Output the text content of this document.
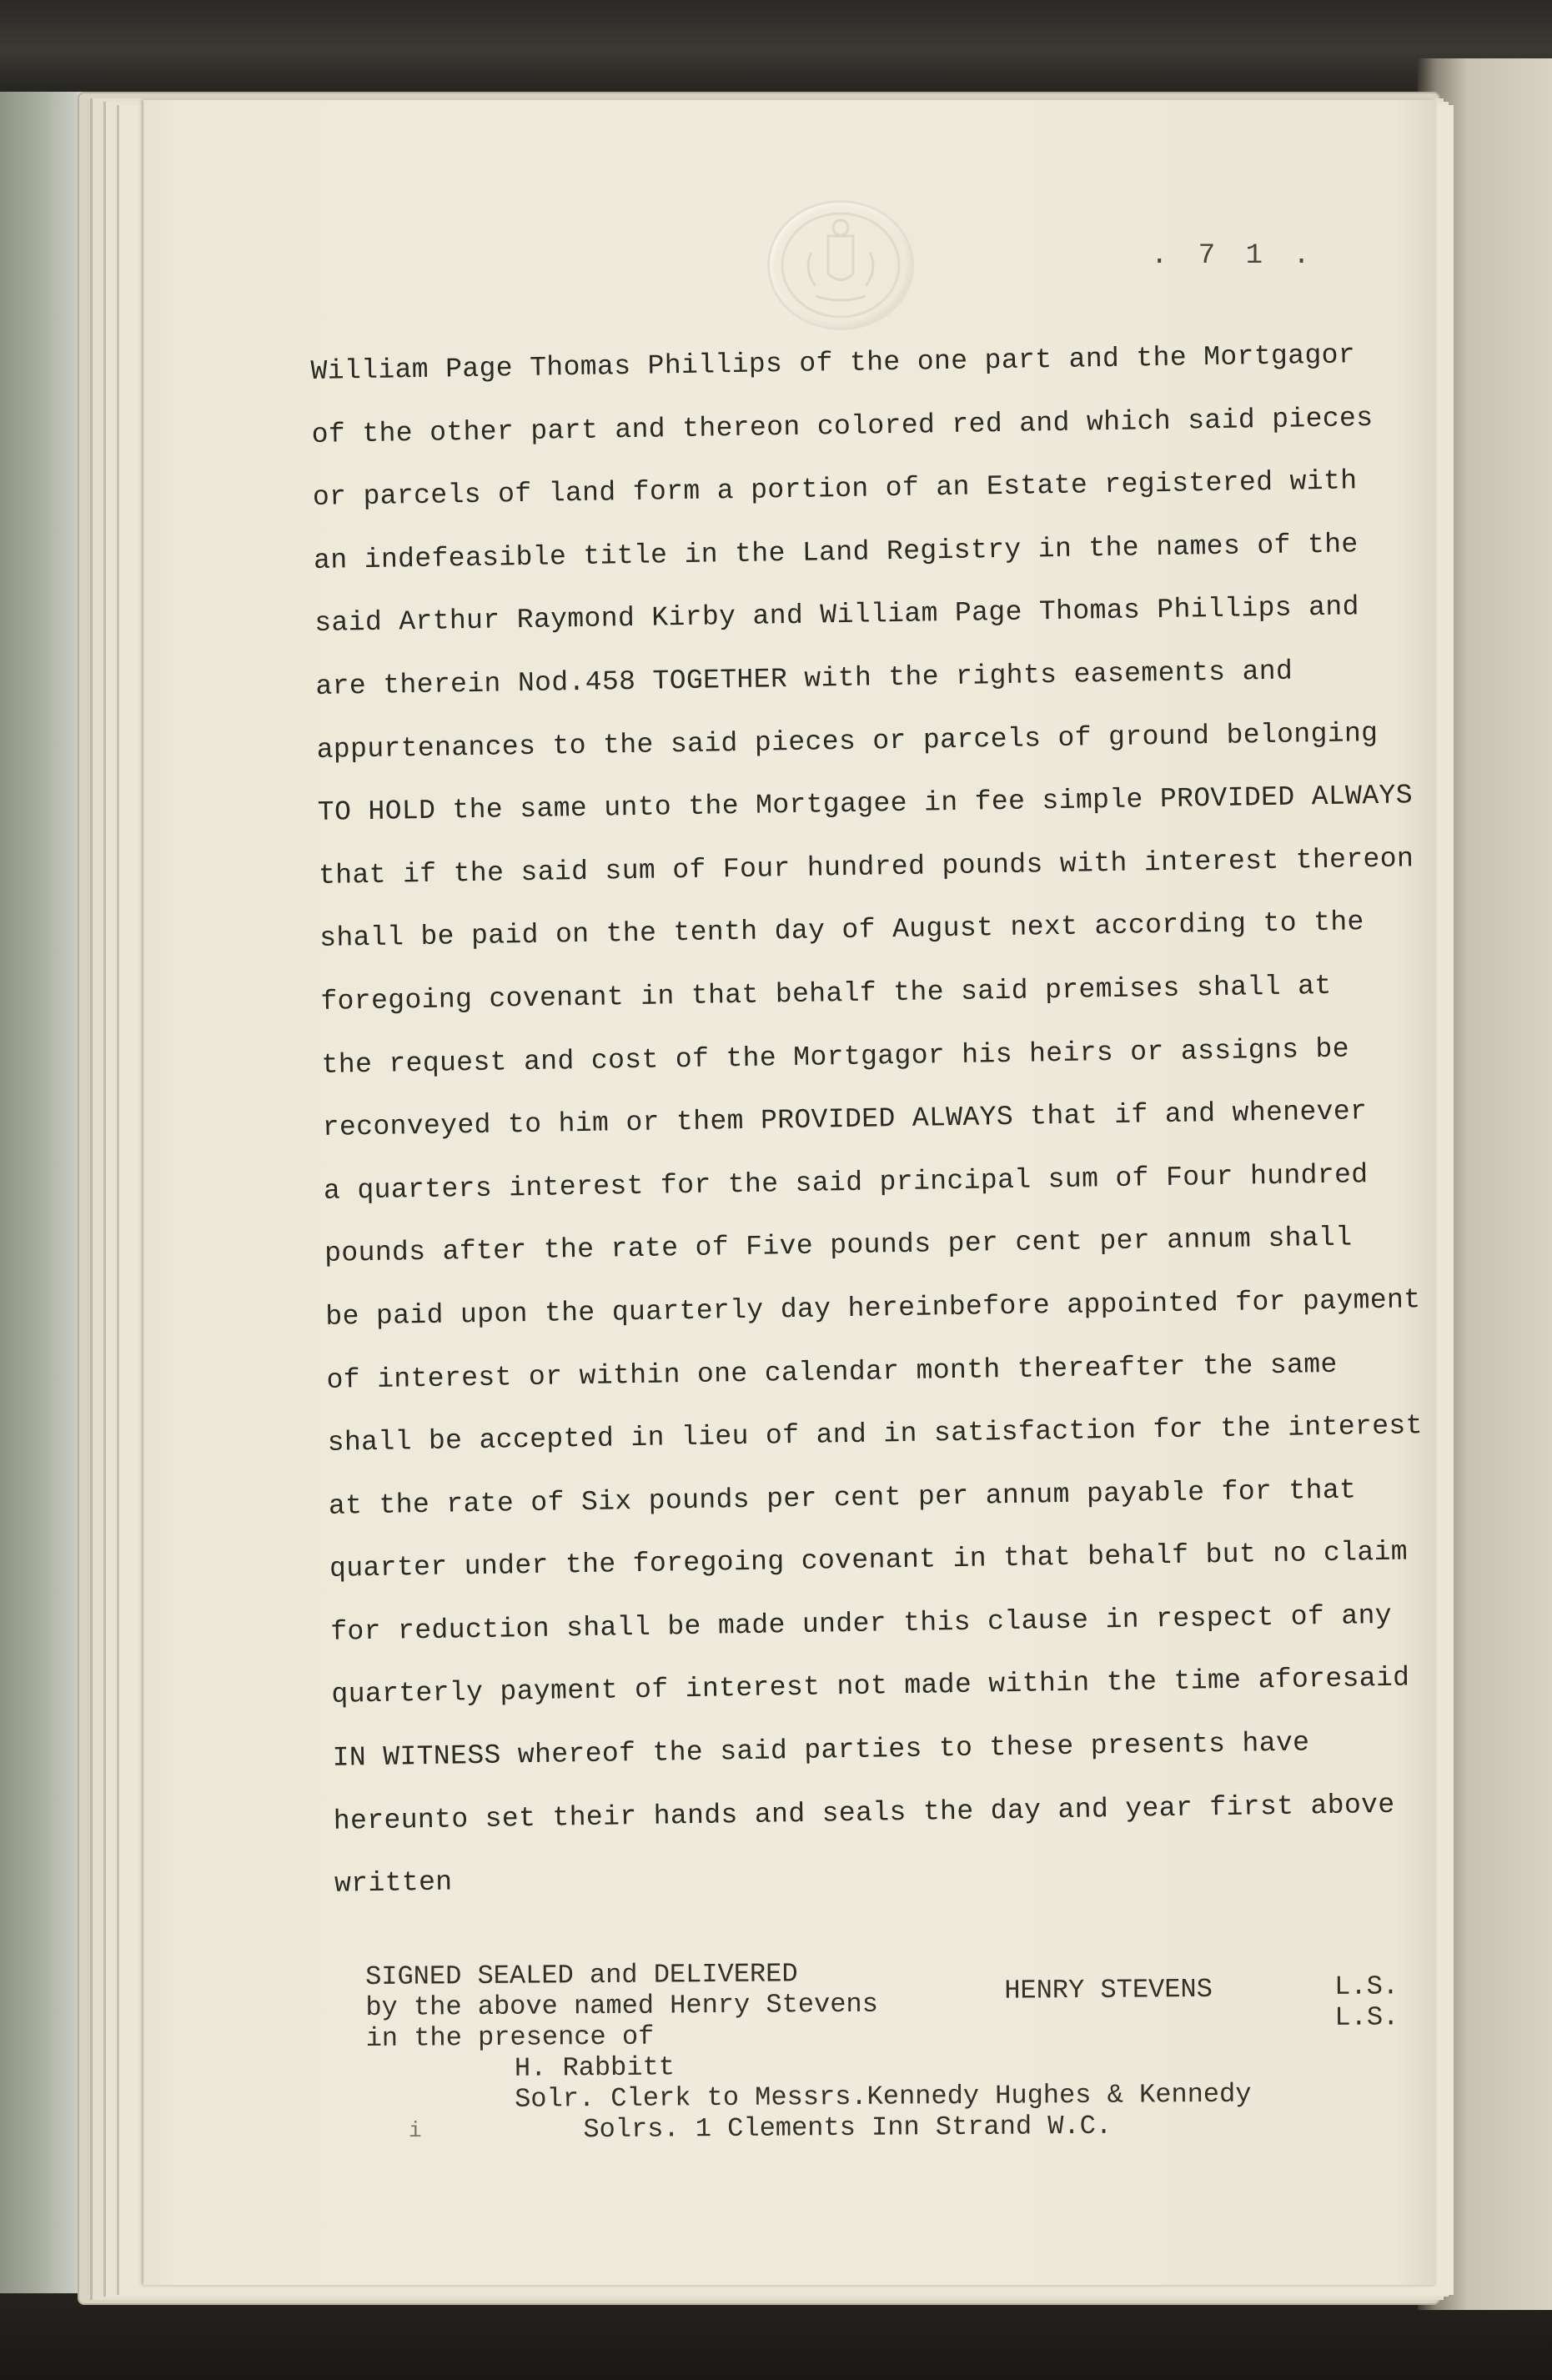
. 7 1 .
William Page Thomas Phillips of the one part and the Mortgagor
of the other part and thereon colored red and which said pieces
or parcels of land form a portion of an Estate registered with
an indefeasible title in the Land Registry in the names of the
said Arthur Raymond Kirby and William Page Thomas Phillips and
are therein Nod.458 TOGETHER with the rights easements and
appurtenances to the said pieces or parcels of ground belonging
TO HOLD the same unto the Mortgagee in fee simple PROVIDED ALWAYS
that if the said sum of Four hundred pounds with interest thereon
shall be paid on the tenth day of August next according to the
foregoing covenant in that behalf the said premises shall at
the request and cost of the Mortgagor his heirs or assigns be
reconveyed to him or them PROVIDED ALWAYS that if and whenever
a quarters interest for the said principal sum of Four hundred
pounds after the rate of Five pounds per cent per annum shall
be paid upon the quarterly day hereinbefore appointed for payment
of interest or within one calendar month thereafter the same
shall be accepted in lieu of and in satisfaction for the interest
at the rate of Six pounds per cent per annum payable for that
quarter under the foregoing covenant in that behalf but no claim
for reduction shall be made under this clause in respect of any
quarterly payment of interest not made within the time aforesaid
IN WITNESS whereof the said parties to these presents have
hereunto set their hands and seals the day and year first above
written
SIGNED SEALED and DELIVERED
by the above named Henry Stevens
in the presence of
H. Rabbitt
Solr. Clerk to Messrs.Kennedy Hughes & Kennedy
Solrs. 1 Clements Inn Strand W.C.
HENRY STEVENS	L.S.
L.S.
i
